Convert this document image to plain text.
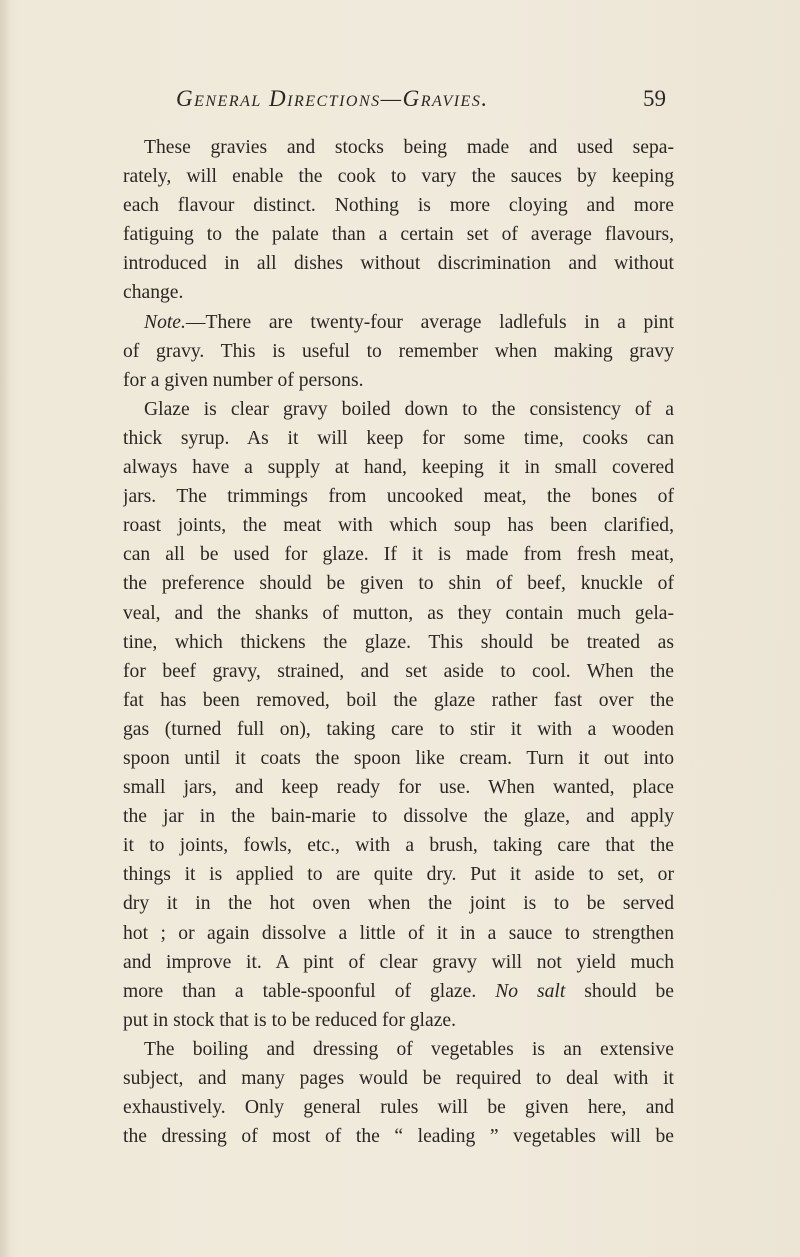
General Directions—Gravies.	59
These gravies and stocks being made and used sepa-
rately, will enable the cook to vary the sauces by keeping
each flavour distinct. Nothing is more cloying and more
fatiguing to the palate than a certain set of average flavours,
introduced in all dishes without discrimination and without
change.
Note.—There are twenty-four average ladlefuls in a pint
of gravy. This is useful to remember when making gravy
for a given number of persons.
Glaze is clear gravy boiled down to the consistency of a
thick syrup. As it will keep for some time, cooks can
always have a supply at hand, keeping it in small covered
jars. The trimmings from uncooked meat, the bones of
roast joints, the meat with which soup has been clarified,
can all be used for glaze. If it is made from fresh meat,
the preference should be given to shin of beef, knuckle of
veal, and the shanks of mutton, as they contain much gela-
tine, which thickens the glaze. This should be treated as
for beef gravy, strained, and set aside to cool. When the
fat has been removed, boil the glaze rather fast over the
gas (turned full on), taking care to stir it with a wooden
spoon until it coats the spoon like cream. Turn it out into
small jars, and keep ready for use. When wanted, place
the jar in the bain-marie to dissolve the glaze, and apply
it to joints, fowls, etc., with a brush, taking care that the
things it is applied to are quite dry. Put it aside to set, or
dry it in the hot oven when the joint is to be served
hot ; or again dissolve a little of it in a sauce to strengthen
and improve it. A pint of clear gravy will not yield much
more than a table-spoonful of glaze. No salt should be
put in stock that is to be reduced for glaze.
The boiling and dressing of vegetables is an extensive
subject, and many pages would be required to deal with it
exhaustively. Only general rules will be given here, and
the dressing of most of the “ leading ” vegetables will be
